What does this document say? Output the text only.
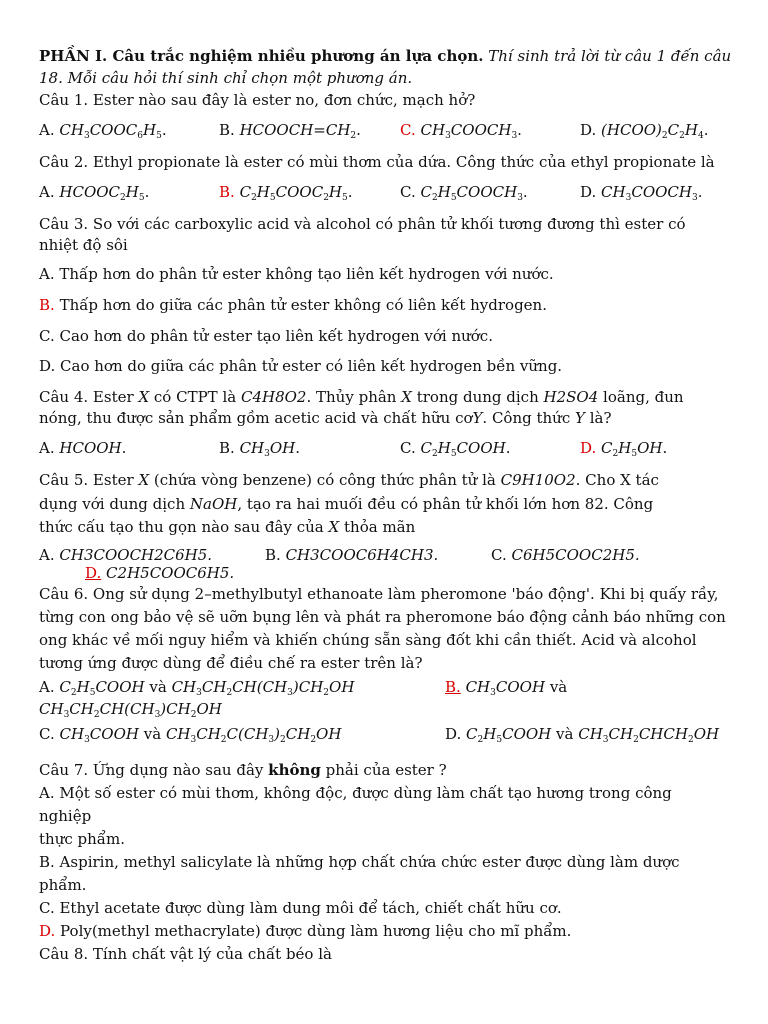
PHẦN I. Câu trắc nghiệm nhiều phương án lựa chọn. Thí sinh trả lời từ câu 1 đến câu
18. Mỗi câu hỏi thí sinh chỉ chọn một phương án.
Câu 1. Ester nào sau đây là ester no, đơn chức, mạch hở?
A. $CH_3COOC_6H_5$.	B. $HCOOCH=CH_2$.	C. $CH_3COOCH_3$.	D. $(HCOO)_2C_2H_4$.
Câu 2. Ethyl propionate là ester có mùi thơm của dứa. Công thức của ethyl propionate là
A. $HCOOC_2H_5$.	B. $C_2H_5COOC_2H_5$.	C. $C_2H_5COOCH_3$.	D. $CH_3COOCH_3$.
Câu 3. So với các carboxylic acid và alcohol có phân tử khối tương đương thì ester có
nhiệt độ sôi
A. Thấp hơn do phân tử ester không tạo liên kết hydrogen với nước.
B. Thấp hơn do giữa các phân tử ester không có liên kết hydrogen.
C. Cao hơn do phân tử ester tạo liên kết hydrogen với nước.
D. Cao hơn do giữa các phân tử ester có liên kết hydrogen bền vững.
Câu 4. Ester X có CTPT là C4H8O2. Thủy phân X trong dung dịch H2SO4 loãng, đun
nóng, thu được sản phẩm gồm acetic acid và chất hữu cơY. Công thức Y là?
A. HCOOH.	B. $CH_3OH$.	C. $C_2H_5COOH$.	D. $C_2H_5OH$.
Câu 5. Ester X (chứa vòng benzene) có công thức phân tử là C9H10O2. Cho X tác
dụng với dung dịch NaOH, tạo ra hai muối đều có phân tử khối lớn hơn 82. Công
thức cấu tạo thu gọn nào sau đây của X thỏa mãn
A. CH3COOCH2C6H5.	B. CH3COOC6H4CH3.	C. C6H5COOC2H5.
D. C2H5COOC6H5.
Câu 6. Ong sử dụng 2–methylbutyl ethanoate làm pheromone 'báo động'. Khi bị quấy rầy,
từng con ong bảo vệ sẽ uỡn bụng lên và phát ra pheromone báo động cảnh báo những con
ong khác về mối nguy hiểm và khiến chúng sẵn sàng đốt khi cần thiết. Acid và alcohol
tương ứng được dùng để điều chế ra ester trên là?
A. $C_2H_5COOH$ và $CH_3CH_2CH(CH_3)CH_2OH$	B. $CH_3COOH$ và
$CH_3CH_2CH(CH_3)CH_2OH$
C. $CH_3COOH$ và $CH_3CH_2C(CH_3)_2CH_2OH$	D. $C_2H_5COOH$ và $CH_3CH_2CHCH_2OH$
Câu 7. Ứng dụng nào sau đây không phải của ester ?
A. Một số ester có mùi thơm, không độc, được dùng làm chất tạo hương trong công
nghiệp
thực phẩm.
B. Aspirin, methyl salicylate là những hợp chất chứa chức ester được dùng làm dược
phẩm.
C. Ethyl acetate được dùng làm dung môi để tách, chiết chất hữu cơ.
D. Poly(methyl methacrylate) được dùng làm hương liệu cho mĩ phẩm.
Câu 8. Tính chất vật lý của chất béo là
